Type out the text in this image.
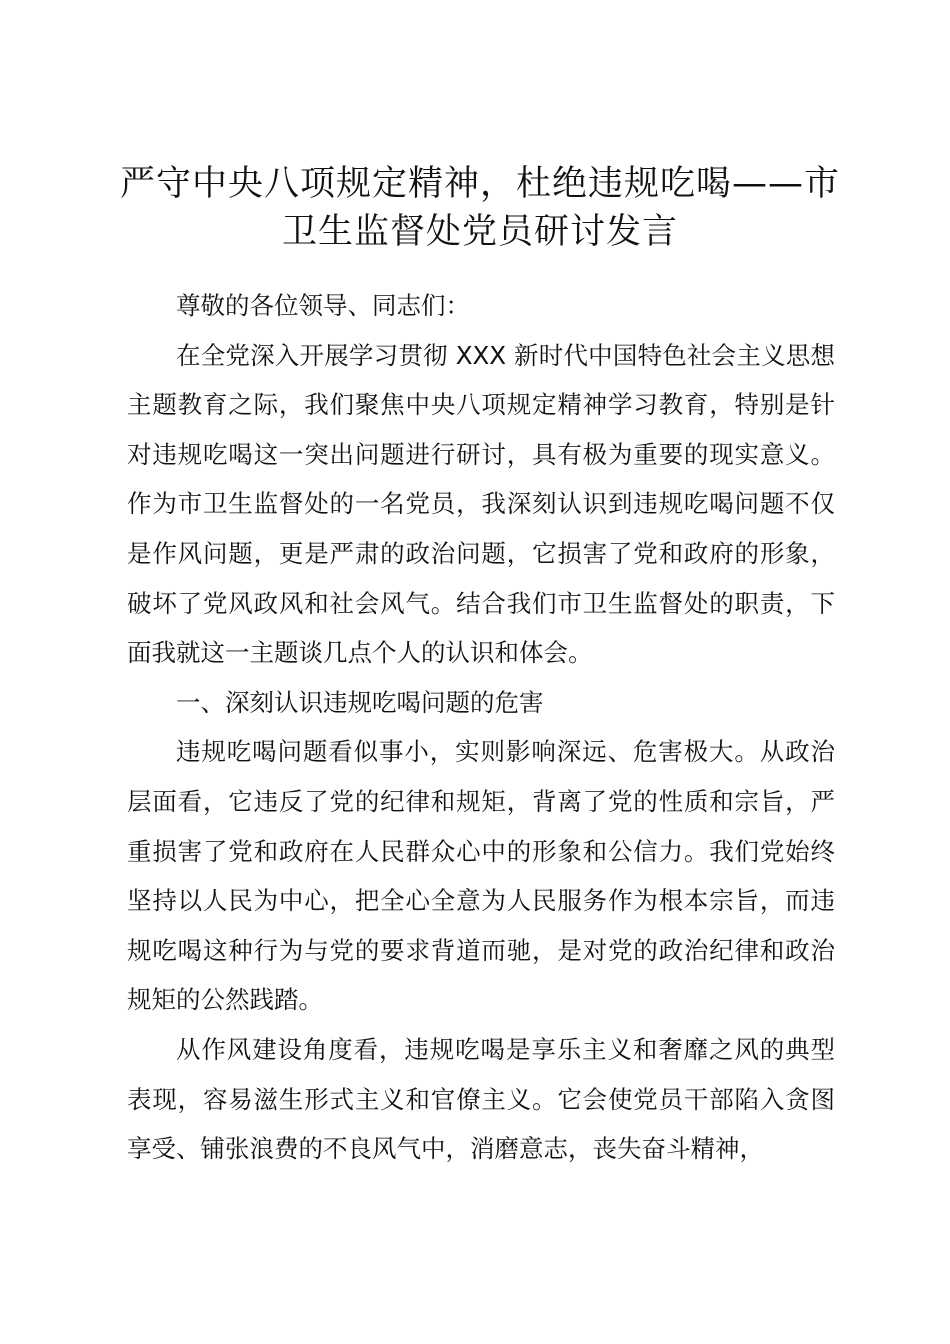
严守中央八项规定精神，杜绝违规吃喝——市卫生监督处党员研讨发言

尊敬的各位领导、同志们：

在全党深入开展学习贯彻 XXX 新时代中国特色社会主义思想主题教育之际，我们聚焦中央八项规定精神学习教育，特别是针对违规吃喝这一突出问题进行研讨，具有极为重要的现实意义。作为市卫生监督处的一名党员，我深刻认识到违规吃喝问题不仅是作风问题，更是严肃的政治问题，它损害了党和政府的形象，破坏了党风政风和社会风气。结合我们市卫生监督处的职责，下面我就这一主题谈几点个人的认识和体会。

一、深刻认识违规吃喝问题的危害

违规吃喝问题看似事小，实则影响深远、危害极大。从政治层面看，它违反了党的纪律和规矩，背离了党的性质和宗旨，严重损害了党和政府在人民群众心中的形象和公信力。我们党始终坚持以人民为中心，把全心全意为人民服务作为根本宗旨，而违规吃喝这种行为与党的要求背道而驰，是对党的政治纪律和政治规矩的公然践踏。

从作风建设角度看，违规吃喝是享乐主义和奢靡之风的典型表现，容易滋生形式主义和官僚主义。它会使党员干部陷入贪图享受、铺张浪费的不良风气中，消磨意志，丧失奋斗精神，
